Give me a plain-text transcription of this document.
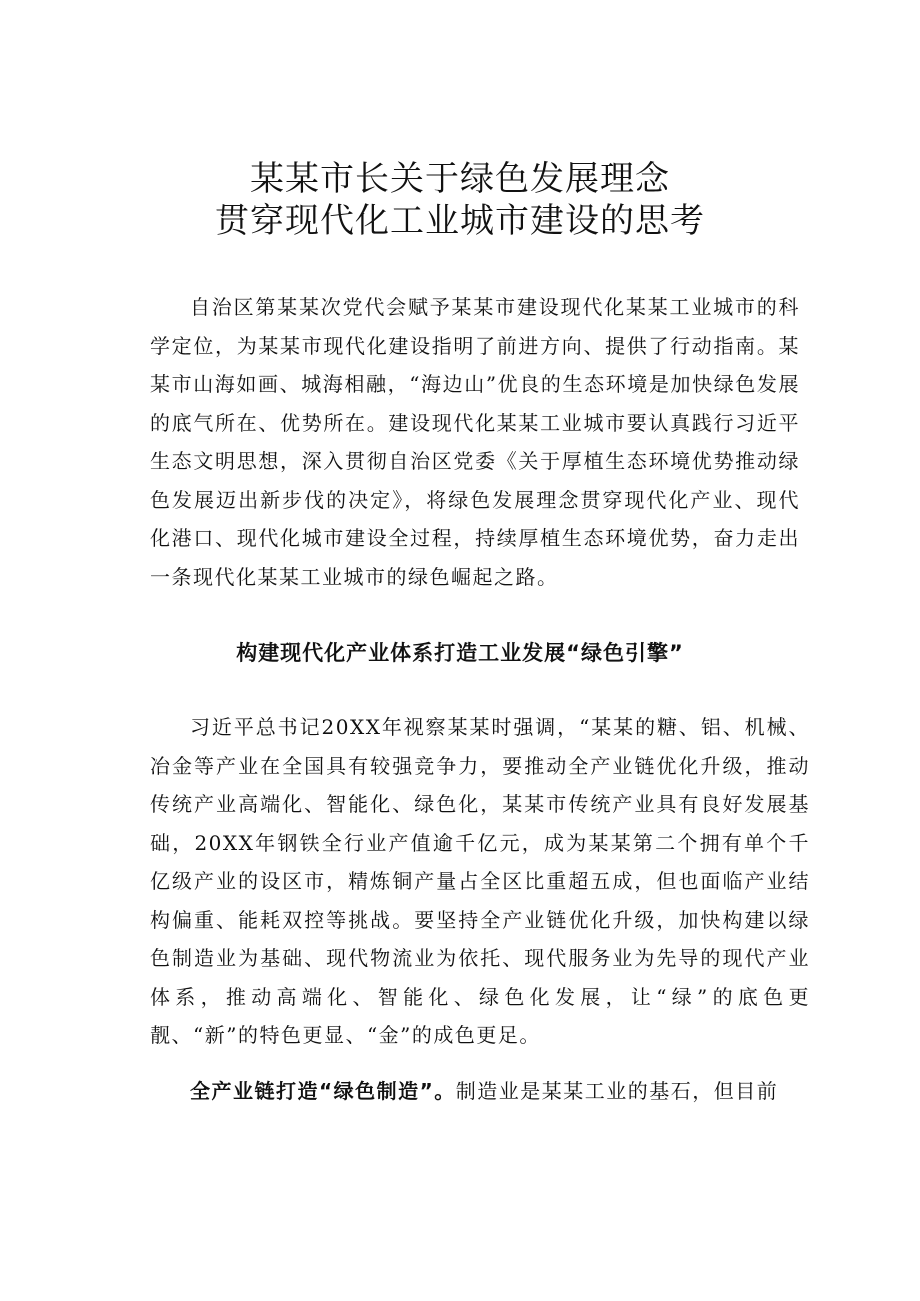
某某市长关于绿色发展理念
贯穿现代化工业城市建设的思考

自治区第某某次党代会赋予某某市建设现代化某某工业城市的科学定位，为某某市现代化建设指明了前进方向、提供了行动指南。某某市山海如画、城海相融，“海边山”优良的生态环境是加快绿色发展的底气所在、优势所在。建设现代化某某工业城市要认真践行习近平生态文明思想，深入贯彻自治区党委《关于厚植生态环境优势推动绿色发展迈出新步伐的决定》，将绿色发展理念贯穿现代化产业、现代化港口、现代化城市建设全过程，持续厚植生态环境优势，奋力走出一条现代化某某工业城市的绿色崛起之路。

构建现代化产业体系打造工业发展“绿色引擎”

习近平总书记20XX年视察某某时强调，“某某的糖、铝、机械、冶金等产业在全国具有较强竞争力，要推动全产业链优化升级，推动传统产业高端化、智能化、绿色化，某某市传统产业具有良好发展基础，20XX年钢铁全行业产值逾千亿元，成为某某第二个拥有单个千亿级产业的设区市，精炼铜产量占全区比重超五成，但也面临产业结构偏重、能耗双控等挑战。要坚持全产业链优化升级，加快构建以绿色制造业为基础、现代物流业为依托、现代服务业为先导的现代产业体系，推动高端化、智能化、绿色化发展，让“绿”的底色更靓、“新”的特色更显、“金”的成色更足。

全产业链打造“绿色制造”。制造业是某某工业的基石，但目前
